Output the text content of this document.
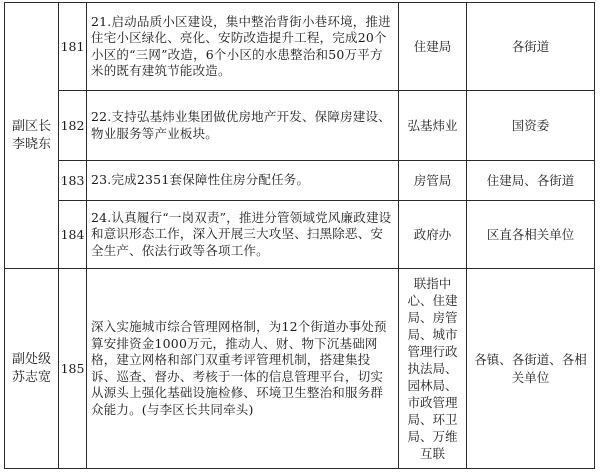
副区长李晓东	181	21.启动品质小区建设，集中整治背街小巷环境，推进住宅小区绿化、亮化、安防改造提升工程，完成20个小区的“三网”改造，6个小区的水患整治和50万平方米的既有建筑节能改造。	住建局	各街道
	182	22.支持弘基炜业集团做优房地产开发、保障房建设、物业服务等产业板块。	弘基炜业	国资委
	183	23.完成2351套保障性住房分配任务。	房管局	住建局、各街道
	184	24.认真履行“一岗双责”，推进分管领域党风廉政建设和意识形态工作，深入开展三大攻坚、扫黑除恶、安全生产、依法行政等各项工作。	政府办	区直各相关单位
副处级苏志宽	185	深入实施城市综合管理网格制，为12个街道办事处预算安排资金1000万元，推动人、财、物下沉基础网格，建立网格和部门双重考评管理机制，搭建集投诉、巡查、督办、考核于一体的信息管理平台，切实从源头上强化基础设施检修、环境卫生整治和服务群众能力。(与李区长共同牵头)	联指中心、住建局、房管局、城市管理行政执法局、园林局、市政管理局、环卫局、万维互联	各镇、各街道、各相关单位
